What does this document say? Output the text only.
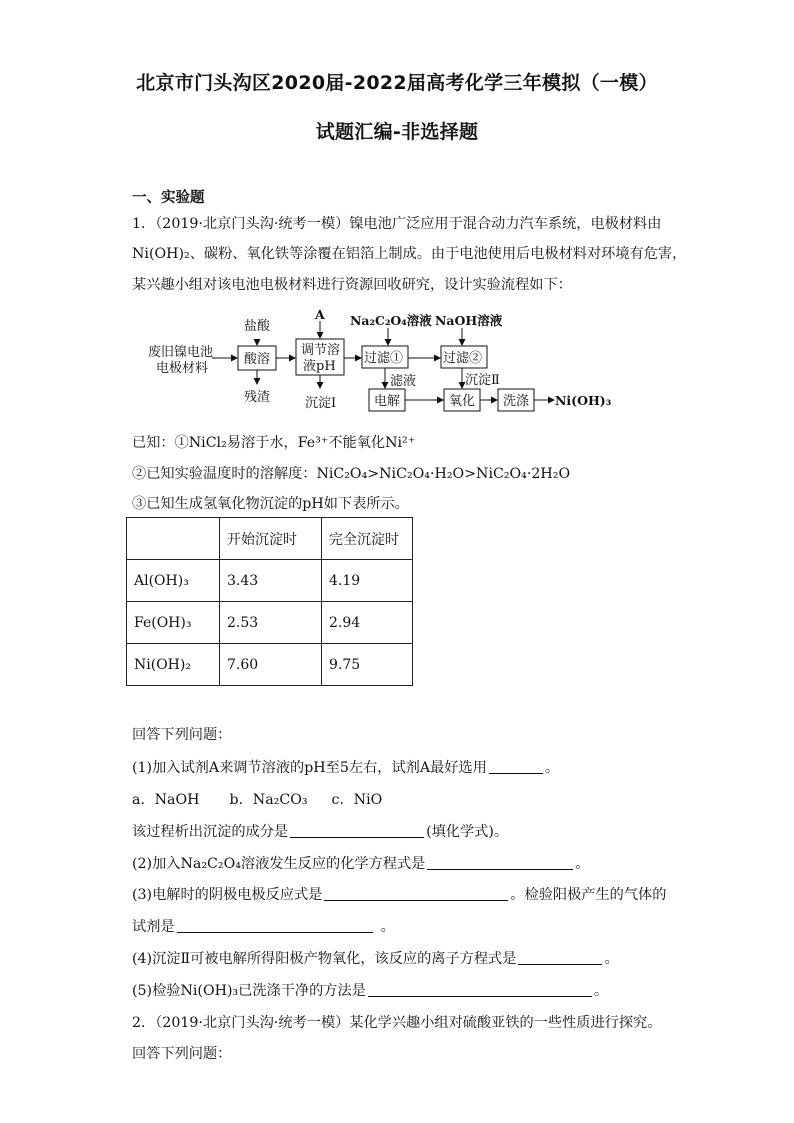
北京市门头沟区2020届-2022届高考化学三年模拟（一模）
试题汇编-非选择题
一、实验题
1．（2019·北京门头沟·统考一模）镍电池广泛应用于混合动力汽车系统，电极材料由
Ni(OH)₂、碳粉、氧化铁等涂覆在铝箔上制成。由于电池使用后电极材料对环境有危害，
某兴趣小组对该电池电极材料进行资源回收研究，设计实验流程如下：
废旧镍电池
电极材料
盐酸
酸溶
残渣
A
调节溶
液pH
沉淀Ⅰ
Na₂C₂O₄溶液 NaOH溶液
过滤①	过滤②
滤液	沉淀Ⅱ
电解	氧化 洗涤 Ni(OH)₃
已知：①NiCl₂易溶于水，Fe³⁺不能氧化Ni²⁺
②已知实验温度时的溶解度：NiC₂O₄>NiC₂O₄·H₂O>NiC₂O₄·2H₂O
③已知生成氢氧化物沉淀的pH如下表所示。
	开始沉淀时	完全沉淀时
Al(OH)₃	3.43	4.19
Fe(OH)₃	2.53	2.94
Ni(OH)₂	7.60	9.75
回答下列问题：
(1)加入试剂A来调节溶液的pH至5左右，试剂A最好选用	。
a．NaOH b．Na₂CO₃ c．NiO
该过程析出沉淀的成分是	(填化学式)。
(2)加入Na₂C₂O₄溶液发生反应的化学方程式是	。
(3)电解时的阴极电极反应式是	。检验阳极产生的气体的
试剂是	。
(4)沉淀Ⅱ可被电解所得阳极产物氧化，该反应的离子方程式是	。
(5)检验Ni(OH)₃已洗涤干净的方法是	。
2．（2019·北京门头沟·统考一模）某化学兴趣小组对硫酸亚铁的一些性质进行探究。
回答下列问题：
